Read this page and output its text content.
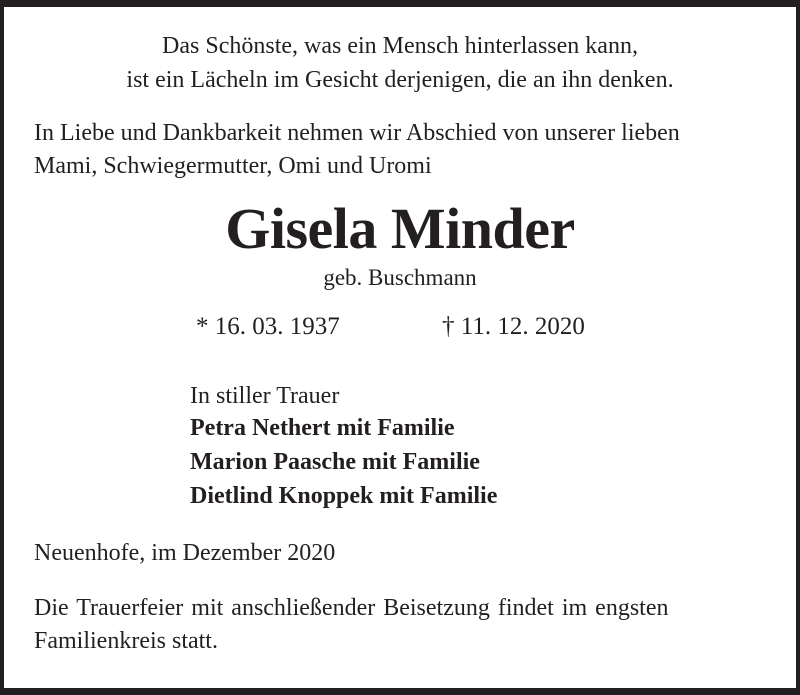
Das Schönste, was ein Mensch hinterlassen kann,
ist ein Lächeln im Gesicht derjenigen, die an ihn denken.
In Liebe und Dankbarkeit nehmen wir Abschied von unserer lieben
Mami, Schwiegermutter, Omi und Uromi
Gisela Minder
geb. Buschmann
* 16. 03. 1937	† 11. 12. 2020
In stiller Trauer
Petra Nethert mit Familie
Marion Paasche mit Familie
Dietlind Knoppek mit Familie
Neuenhofe, im Dezember 2020
Die Trauerfeier mit anschließender Beisetzung findet im engsten
Familienkreis statt.
